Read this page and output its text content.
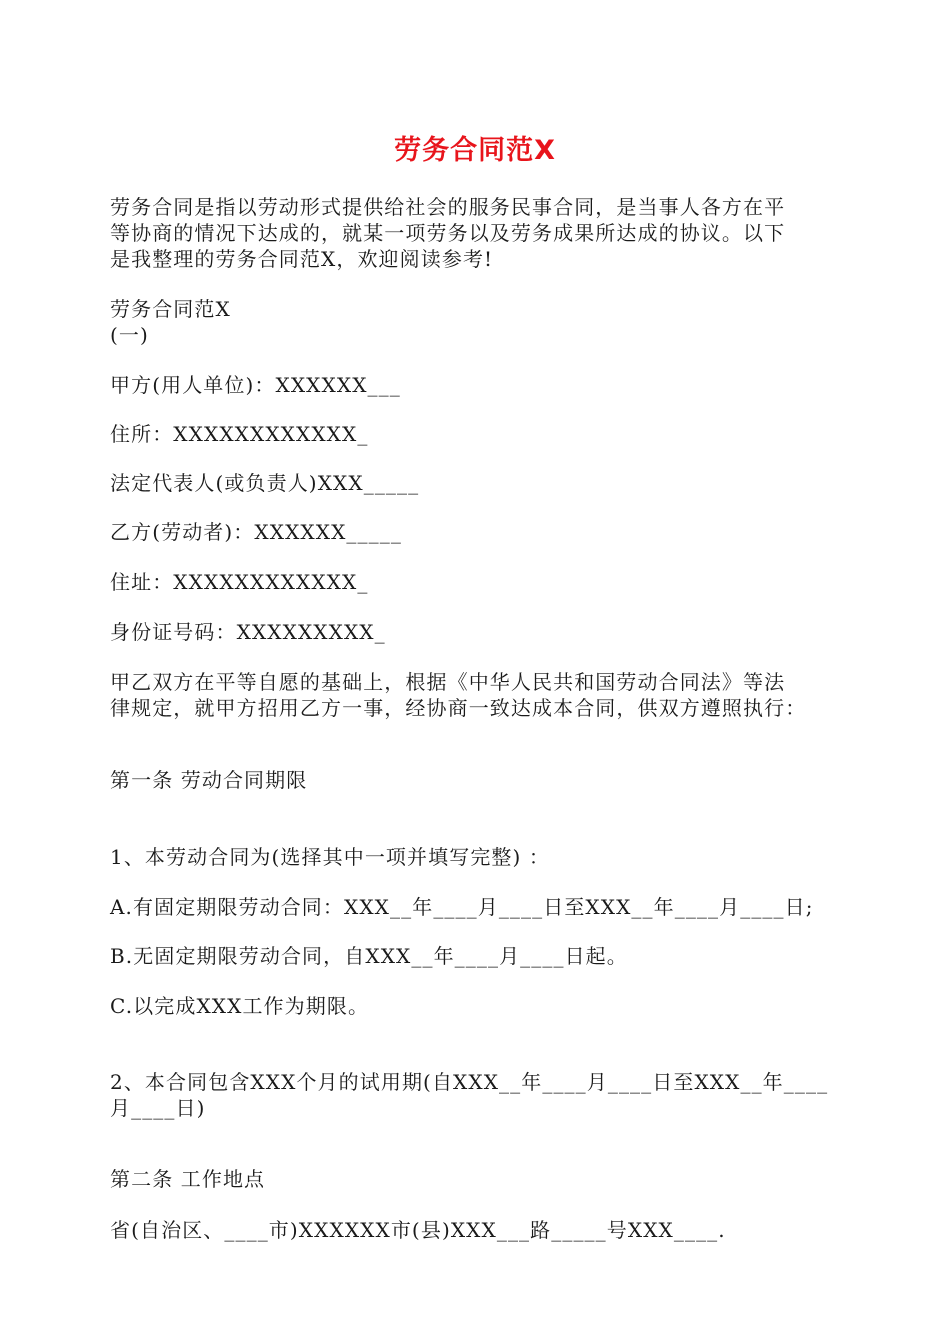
劳务合同范X
劳务合同是指以劳动形式提供给社会的服务民事合同，是当事人各方在平
等协商的情况下达成的，就某一项劳务以及劳务成果所达成的协议。以下
是我整理的劳务合同范X，欢迎阅读参考!
劳务合同范X
(一)
甲方(用人单位)：XXXXXX___
住所：XXXXXXXXXXXX_
法定代表人(或负责人)XXX_____
乙方(劳动者)：XXXXXX_____
住址：XXXXXXXXXXXX_
身份证号码：XXXXXXXXX_
甲乙双方在平等自愿的基础上，根据《中华人民共和国劳动合同法》等法
律规定，就甲方招用乙方一事，经协商一致达成本合同，供双方遵照执行：
第一条 劳动合同期限
1、本劳动合同为(选择其中一项并填写完整) ：
A.有固定期限劳动合同：XXX__年____月____日至XXX__年____月____日;
B.无固定期限劳动合同，自XXX__年____月____日起。
C.以完成XXX工作为期限。
2、本合同包含XXX个月的试用期(自XXX__年____月____日至XXX__年____
月____日)
第二条 工作地点
省(自治区、____市)XXXXXX市(县)XXX___路_____号XXX____.
